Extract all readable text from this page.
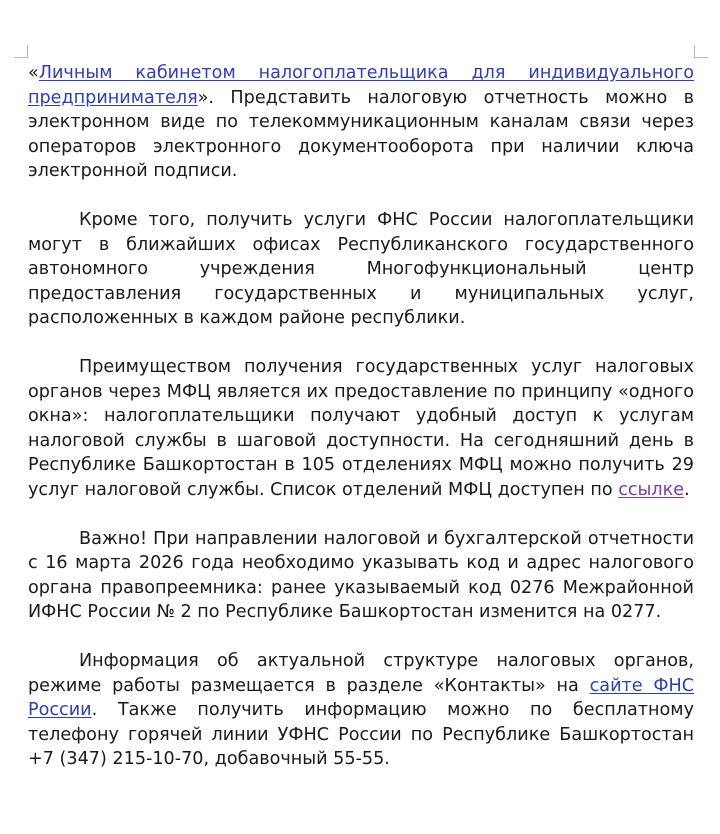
«Личным кабинетом налогоплательщика для индивидуального предпринимателя». Представить налоговую отчетность можно в электронном виде по телекоммуникационным каналам связи через операторов электронного документооборота при наличии ключа электронной подписи.

Кроме того, получить услуги ФНС России налогоплательщики могут в ближайших офисах Республиканского государственного автономного учреждения Многофункциональный центр предоставления государственных и муниципальных услуг, расположенных в каждом районе республики.

Преимуществом получения государственных услуг налоговых органов через МФЦ является их предоставление по принципу «одного окна»: налогоплательщики получают удобный доступ к услугам налоговой службы в шаговой доступности. На сегодняшний день в Республике Башкортостан в 105 отделениях МФЦ можно получить 29 услуг налоговой службы. Список отделений МФЦ доступен по ссылке.

Важно! При направлении налоговой и бухгалтерской отчетности с 16 марта 2026 года необходимо указывать код и адрес налогового органа правопреемника: ранее указываемый код 0276 Межрайонной ИФНС России № 2 по Республике Башкортостан изменится на 0277.

Информация об актуальной структуре налоговых органов, режиме работы размещается в разделе «Контакты» на сайте ФНС России. Также получить информацию можно по бесплатному телефону горячей линии УФНС России по Республике Башкортостан +7 (347) 215-10-70, добавочный 55-55.
